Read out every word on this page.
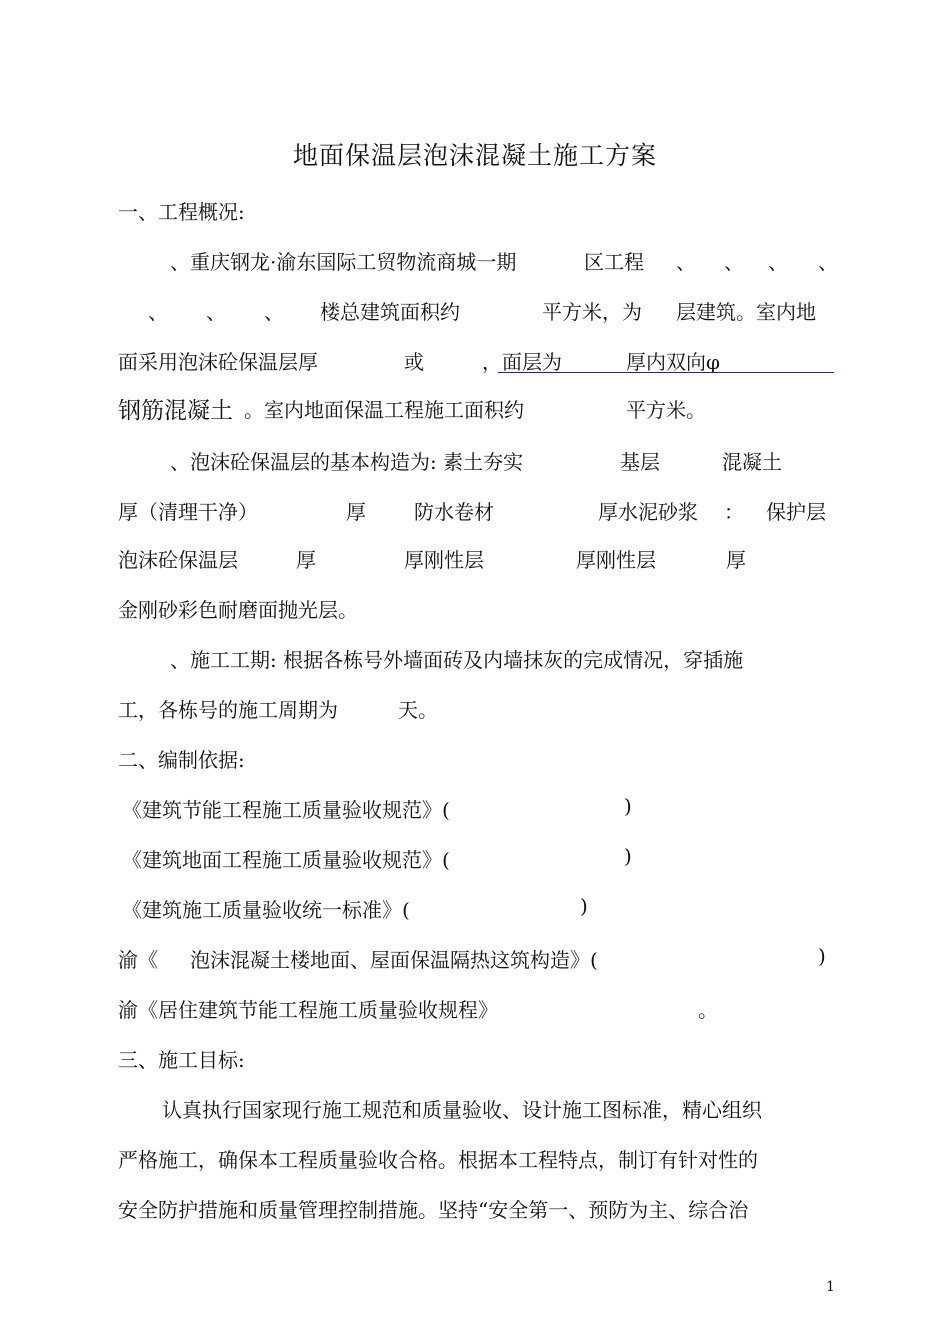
地面保温层泡沫混凝土施工方案
一、工程概况:
、重庆钢龙·渝东国际工贸物流商城一期	区工程 、 、 、 、
、 、 、 楼总建筑面积约	平方米，为 层建筑。室内地
面采用泡沫砼保温层厚	或	， 面层为	厚内双向φ
钢筋混凝土 。室内地面保温工程施工面积约	平方米。
、泡沫砼保温层的基本构造为: 素土夯实	基层	混凝土
厚（清理干净）	厚 防水卷材	厚水泥砂浆 ： 保护层
泡沫砼保温层	厚	厚刚性层	厚刚性层	厚
金刚砂彩色耐磨面抛光层。
、施工工期: 根据各栋号外墙面砖及内墙抹灰的完成情况，穿插施
工，各栋号的施工周期为	天。
二、编制依据:
《建筑节能工程施工质量验收规范》(	)
《建筑地面工程施工质量验收规范》(	)
《建筑施工质量验收统一标准》(	)
渝《 泡沫混凝土楼地面、屋面保温隔热这筑构造》(	)
渝《居住建筑节能工程施工质量验收规程》	。
三、施工目标:
认真执行国家现行施工规范和质量验收、设计施工图标准，精心组织
严格施工，确保本工程质量验收合格。根据本工程特点，制订有针对性的
安全防护措施和质量管理控制措施。坚持“安全第一、预防为主、综合治
1
